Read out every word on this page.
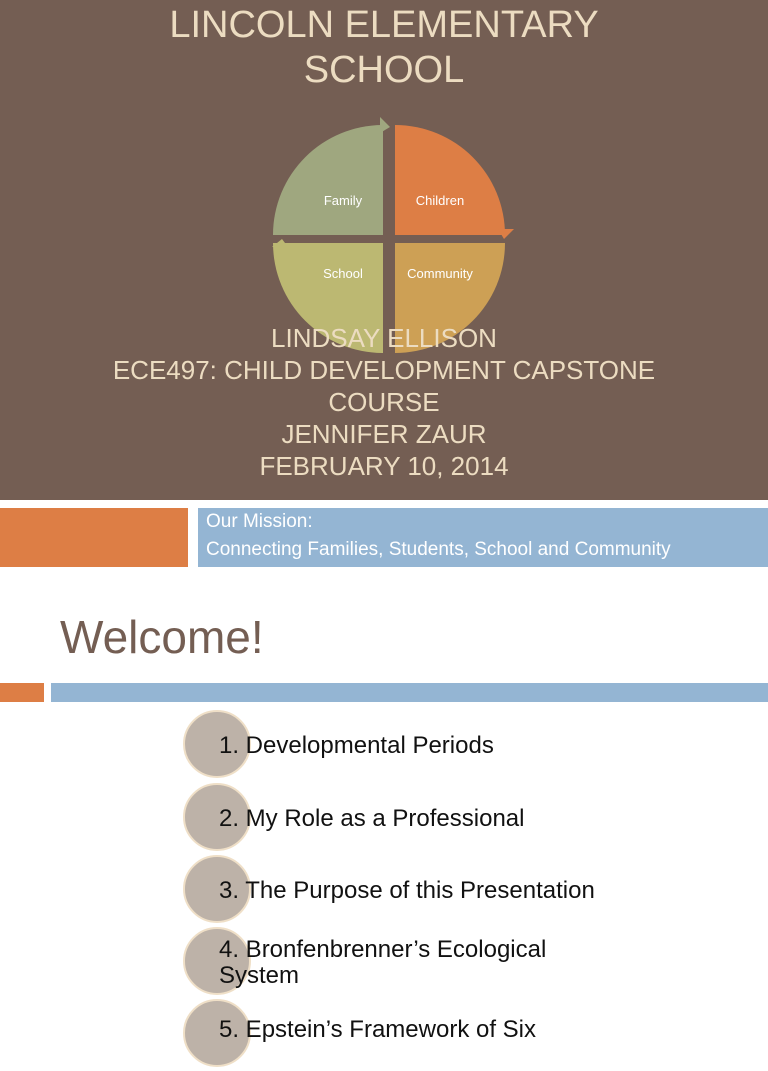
LINCOLN ELEMENTARY
SCHOOL
Family	Children
School	Community
LINDSAY ELLISON
ECE497: CHILD DEVELOPMENT CAPSTONE
COURSE
JENNIFER ZAUR
FEBRUARY 10, 2014
Our Mission:
Connecting Families, Students, School and Community
Welcome!
1. Developmental Periods
2. My Role as a Professional
3. The Purpose of this Presentation
4. Bronfenbrenner’s Ecological System
5. Epstein’s Framework of Six
